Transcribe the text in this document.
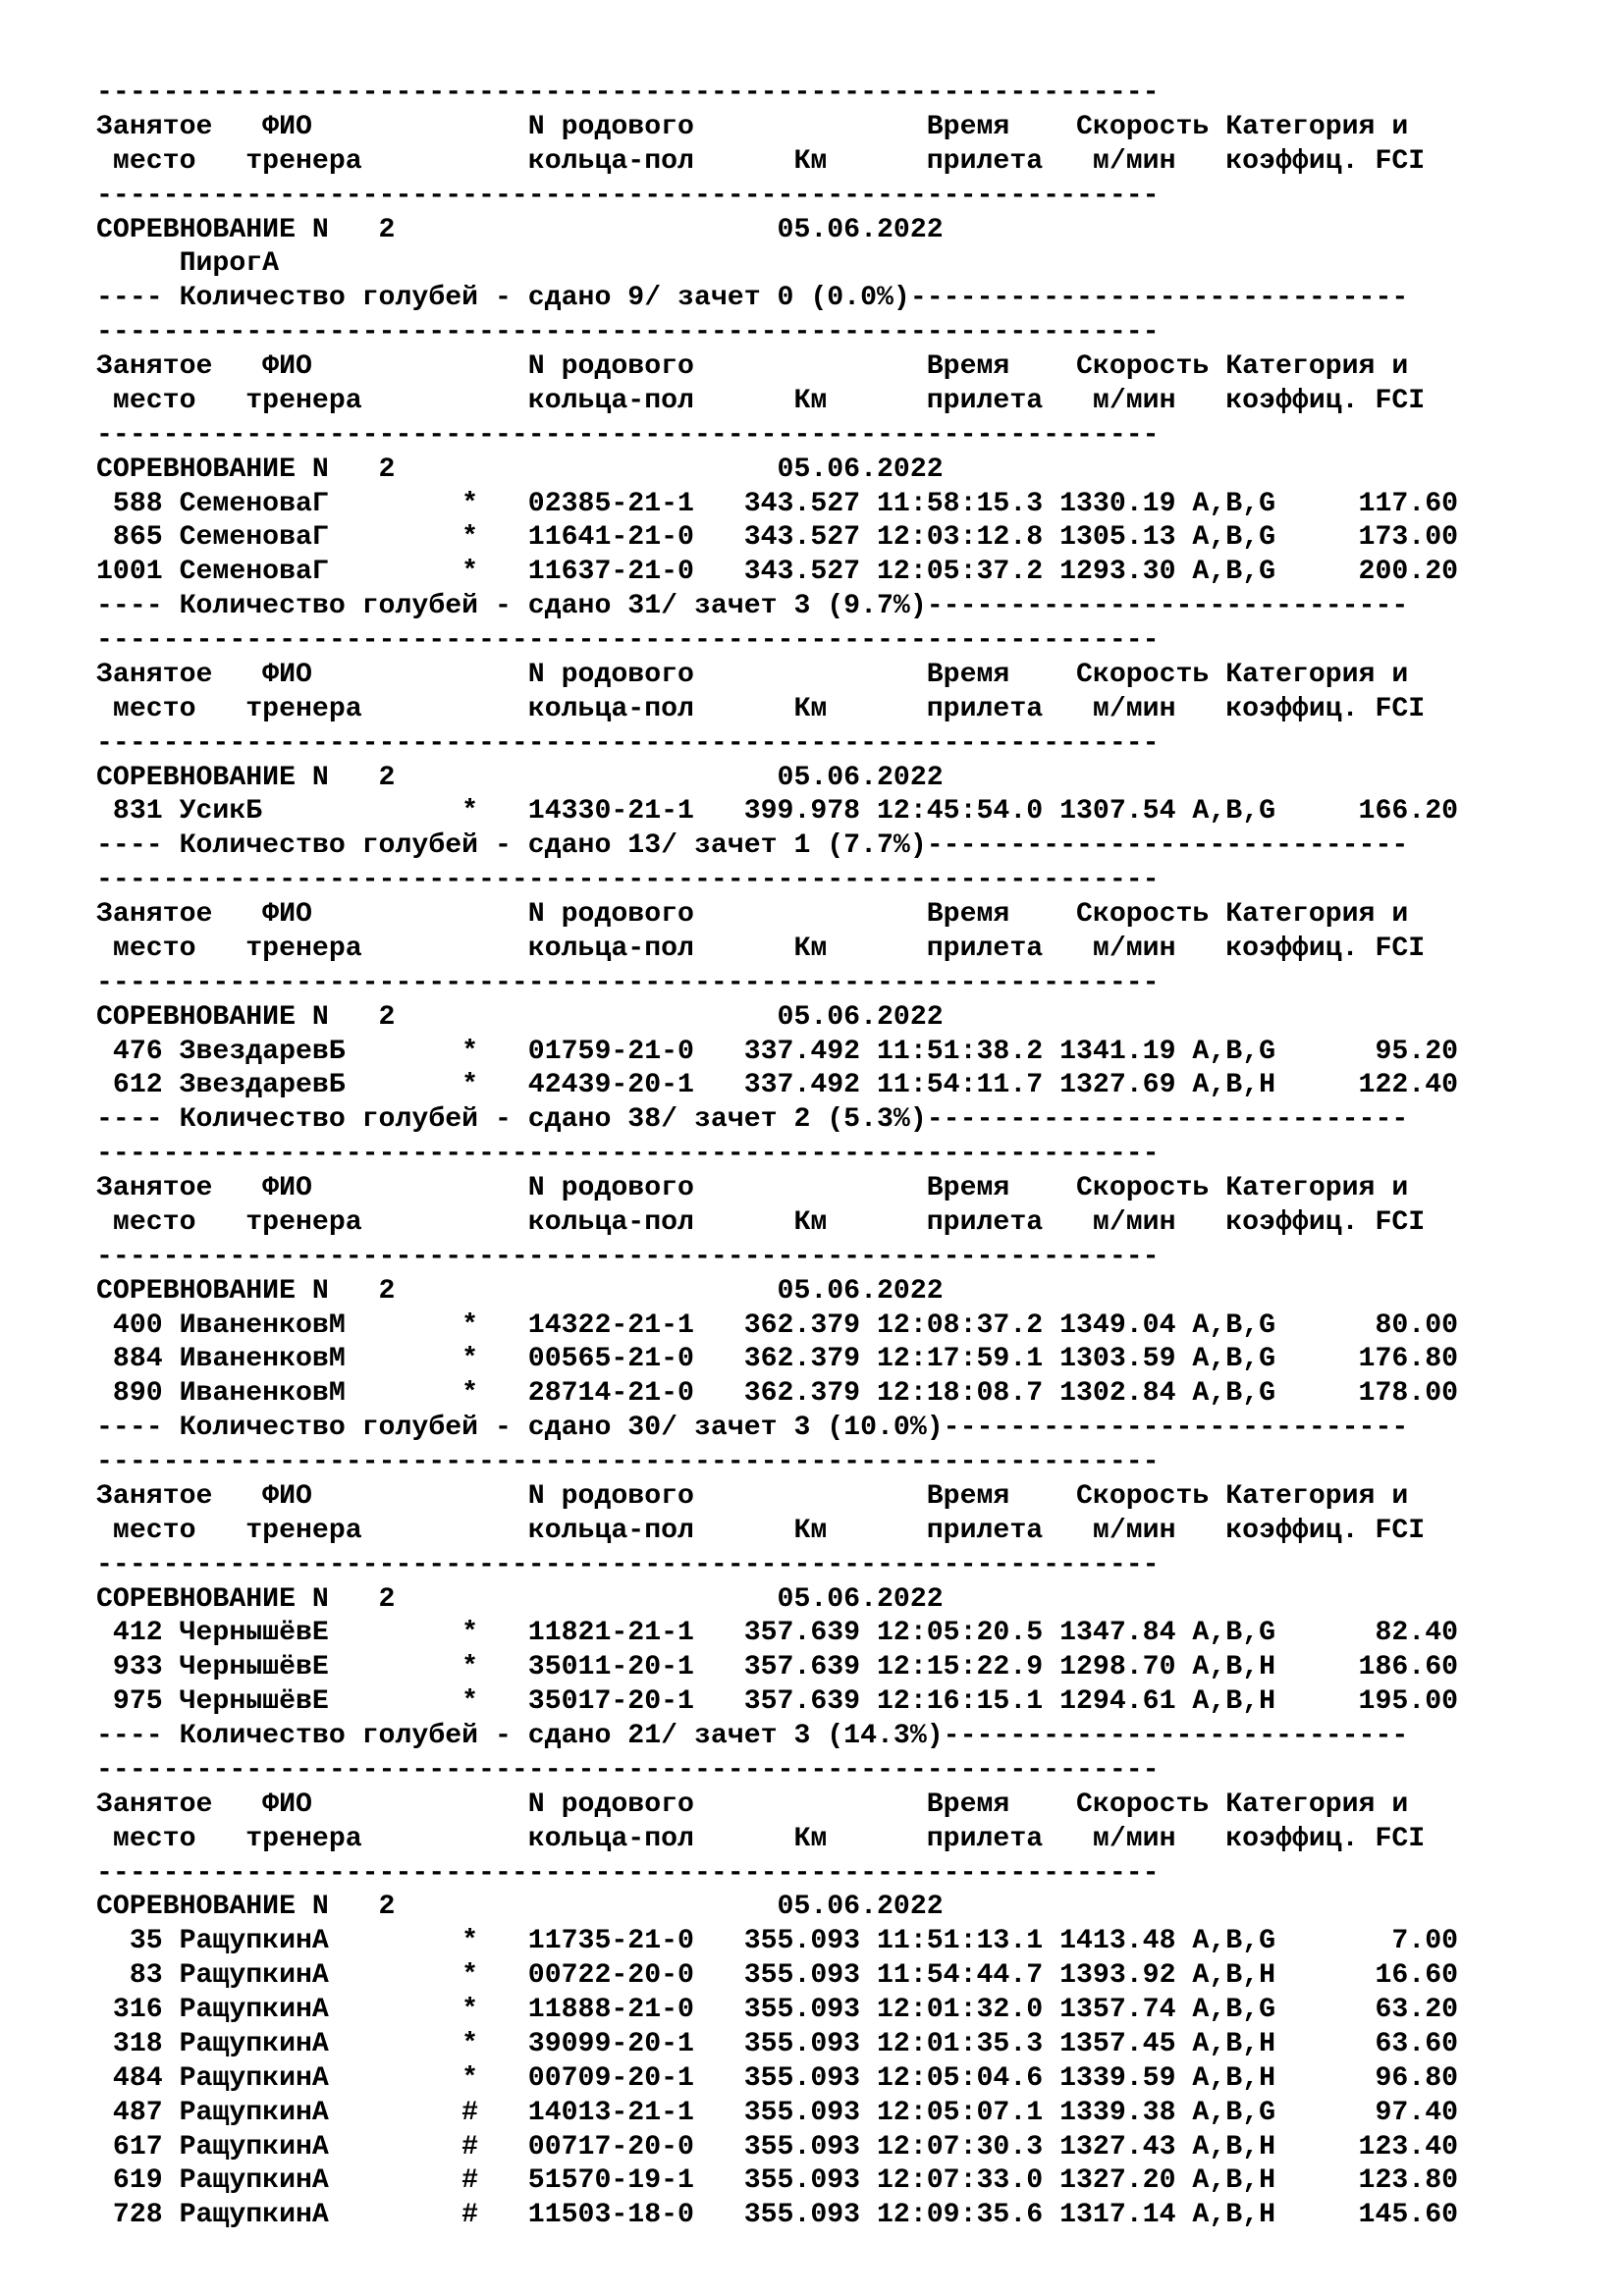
----------------------------------------------------------------
Занятое   ФИО             N родового              Время    Скорость Категория и
место   тренера          кольца-пол      Км      прилета   м/мин   коэффиц. FCI
----------------------------------------------------------------
СОРЕВНОВАНИЕ N   2                       05.06.2022
ПирогА
---- Количество голубей - сдано 9/ зачет 0 (0.0%)------------------------------
----------------------------------------------------------------
Занятое   ФИО             N родового              Время    Скорость Категория и
место   тренера          кольца-пол      Км      прилета   м/мин   коэффиц. FCI
----------------------------------------------------------------
СОРЕВНОВАНИЕ N   2                       05.06.2022
588 СеменоваГ        *   02385-21-1   343.527 11:58:15.3 1330.19 A,B,G     117.60
865 СеменоваГ        *   11641-21-0   343.527 12:03:12.8 1305.13 A,B,G     173.00
1001 СеменоваГ        *   11637-21-0   343.527 12:05:37.2 1293.30 A,B,G     200.20
---- Количество голубей - сдано 31/ зачет 3 (9.7%)-----------------------------
----------------------------------------------------------------
Занятое   ФИО             N родового              Время    Скорость Категория и
место   тренера          кольца-пол      Км      прилета   м/мин   коэффиц. FCI
----------------------------------------------------------------
СОРЕВНОВАНИЕ N   2                       05.06.2022
831 УсикБ            *   14330-21-1   399.978 12:45:54.0 1307.54 A,B,G     166.20
---- Количество голубей - сдано 13/ зачет 1 (7.7%)-----------------------------
----------------------------------------------------------------
Занятое   ФИО             N родового              Время    Скорость Категория и
место   тренера          кольца-пол      Км      прилета   м/мин   коэффиц. FCI
----------------------------------------------------------------
СОРЕВНОВАНИЕ N   2                       05.06.2022
476 ЗвездаревБ       *   01759-21-0   337.492 11:51:38.2 1341.19 A,B,G      95.20
612 ЗвездаревБ       *   42439-20-1   337.492 11:54:11.7 1327.69 A,B,H     122.40
---- Количество голубей - сдано 38/ зачет 2 (5.3%)-----------------------------
----------------------------------------------------------------
Занятое   ФИО             N родового              Время    Скорость Категория и
место   тренера          кольца-пол      Км      прилета   м/мин   коэффиц. FCI
----------------------------------------------------------------
СОРЕВНОВАНИЕ N   2                       05.06.2022
400 ИваненковМ       *   14322-21-1   362.379 12:08:37.2 1349.04 A,B,G      80.00
884 ИваненковМ       *   00565-21-0   362.379 12:17:59.1 1303.59 A,B,G     176.80
890 ИваненковМ       *   28714-21-0   362.379 12:18:08.7 1302.84 A,B,G     178.00
---- Количество голубей - сдано 30/ зачет 3 (10.0%)----------------------------
----------------------------------------------------------------
Занятое   ФИО             N родового              Время    Скорость Категория и
место   тренера          кольца-пол      Км      прилета   м/мин   коэффиц. FCI
----------------------------------------------------------------
СОРЕВНОВАНИЕ N   2                       05.06.2022
412 ЧернышёвЕ        *   11821-21-1   357.639 12:05:20.5 1347.84 A,B,G      82.40
933 ЧернышёвЕ        *   35011-20-1   357.639 12:15:22.9 1298.70 A,B,H     186.60
975 ЧернышёвЕ        *   35017-20-1   357.639 12:16:15.1 1294.61 A,B,H     195.00
---- Количество голубей - сдано 21/ зачет 3 (14.3%)----------------------------
----------------------------------------------------------------
Занятое   ФИО             N родового              Время    Скорость Категория и
место   тренера          кольца-пол      Км      прилета   м/мин   коэффиц. FCI
----------------------------------------------------------------
СОРЕВНОВАНИЕ N   2                       05.06.2022
35 РащупкинА        *   11735-21-0   355.093 11:51:13.1 1413.48 A,B,G       7.00
83 РащупкинА        *   00722-20-0   355.093 11:54:44.7 1393.92 A,B,H      16.60
316 РащупкинА        *   11888-21-0   355.093 12:01:32.0 1357.74 A,B,G      63.20
318 РащупкинА        *   39099-20-1   355.093 12:01:35.3 1357.45 A,B,H      63.60
484 РащупкинА        *   00709-20-1   355.093 12:05:04.6 1339.59 A,B,H      96.80
487 РащупкинА        #   14013-21-1   355.093 12:05:07.1 1339.38 A,B,G      97.40
617 РащупкинА        #   00717-20-0   355.093 12:07:30.3 1327.43 A,B,H     123.40
619 РащупкинА        #   51570-19-1   355.093 12:07:33.0 1327.20 A,B,H     123.80
728 РащупкинА        #   11503-18-0   355.093 12:09:35.6 1317.14 A,B,H     145.60
